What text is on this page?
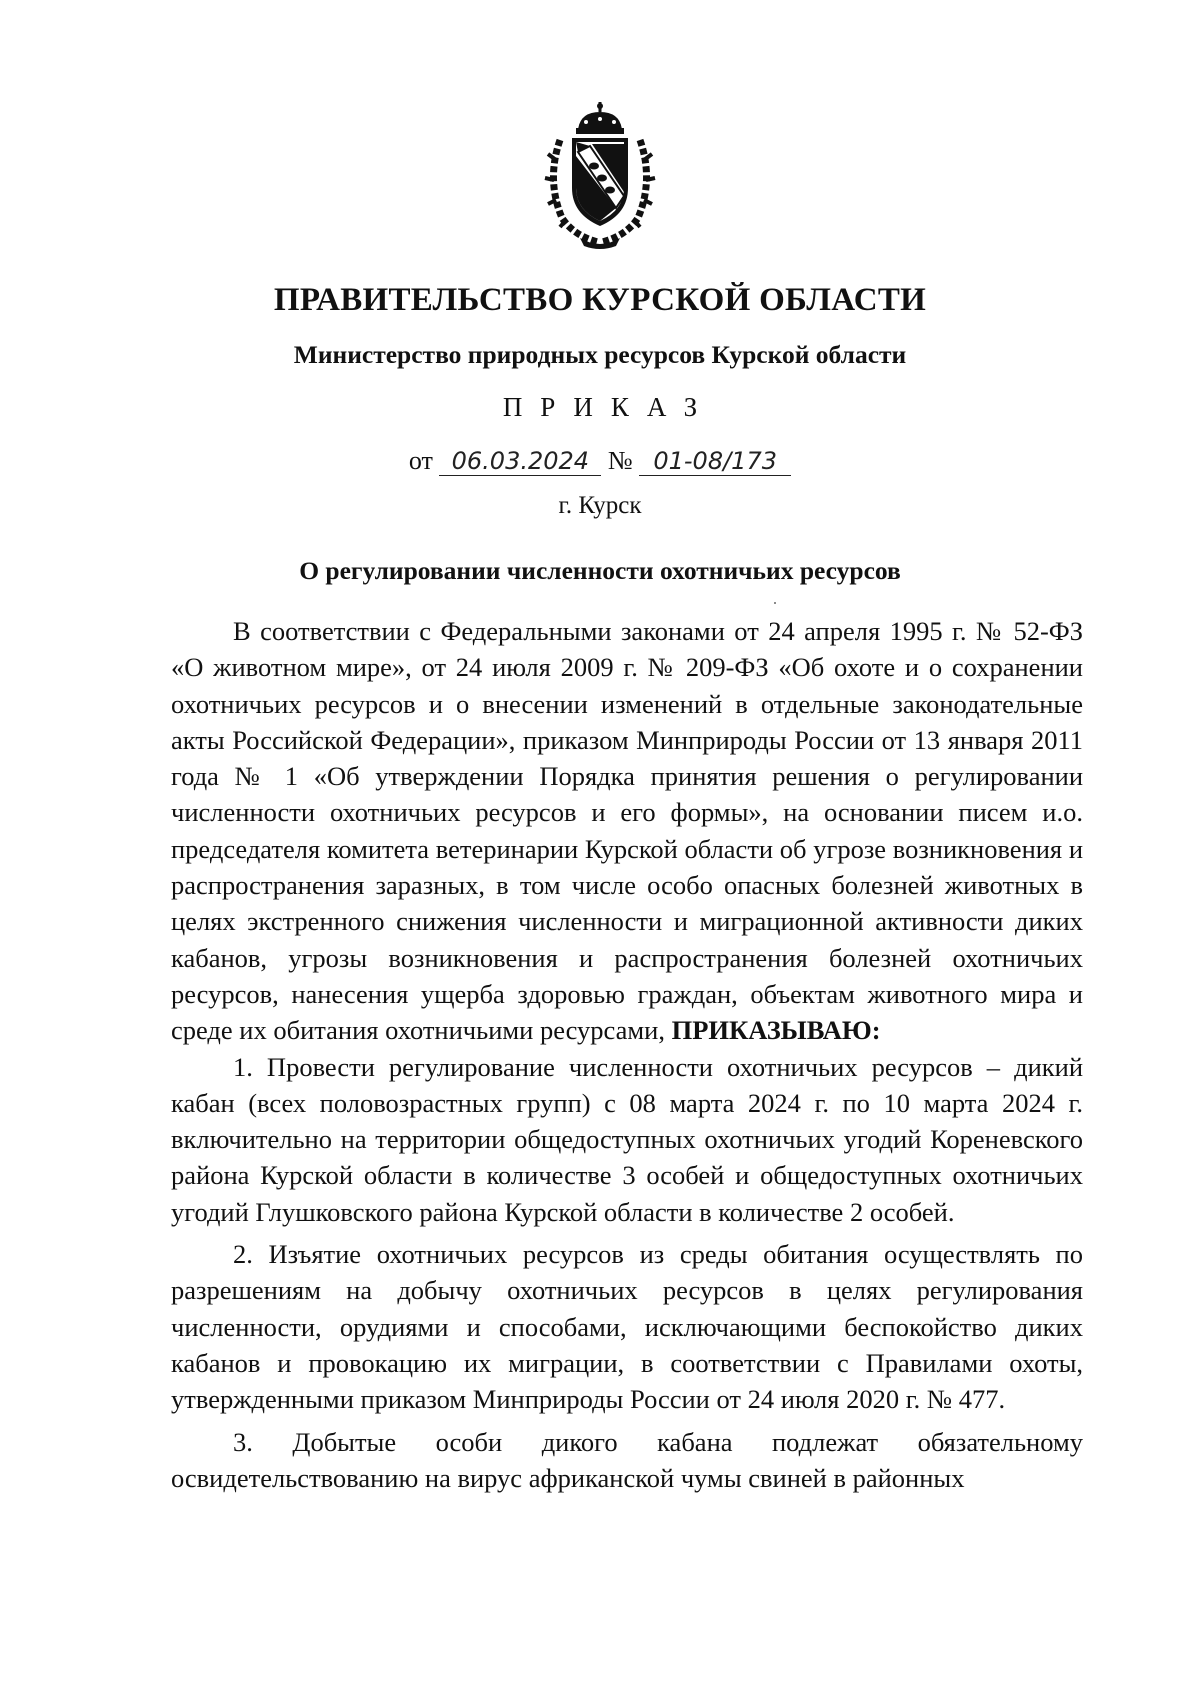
ПРАВИТЕЛЬСТВО КУРСКОЙ ОБЛАСТИ
Министерство природных ресурсов Курской области
ПРИКАЗ
от 06.03.2024 № 01-08/173
г. Курск
О регулировании численности охотничьих ресурсов

В соответствии с Федеральными законами от 24 апреля 1995 г. № 52-ФЗ «О животном мире», от 24 июля 2009 г. № 209-ФЗ «Об охоте и о сохранении охотничьих ресурсов и о внесении изменений в отдельные законодательные акты Российской Федерации», приказом Минприроды России от 13 января 2011 года № 1 «Об утверждении Порядка принятия решения о регулировании численности охотничьих ресурсов и его формы», на основании писем и.о. председателя комитета ветеринарии Курской области об угрозе возникновения и распространения заразных, в том числе особо опасных болезней животных в целях экстренного снижения численности и миграционной активности диких кабанов, угрозы возникновения и распространения болезней охотничьих ресурсов, нанесения ущерба здоровью граждан, объектам животного мира и среде их обитания охотничьими ресурсами, ПРИКАЗЫВАЮ:

1. Провести регулирование численности охотничьих ресурсов – дикий кабан (всех половозрастных групп) с 08 марта 2024 г. по 10 марта 2024 г. включительно на территории общедоступных охотничьих угодий Кореневского района Курской области в количестве 3 особей и общедоступных охотничьих угодий Глушковского района Курской области в количестве 2 особей.

2. Изъятие охотничьих ресурсов из среды обитания осуществлять по разрешениям на добычу охотничьих ресурсов в целях регулирования численности, орудиями и способами, исключающими беспокойство диких кабанов и провокацию их миграции, в соответствии с Правилами охоты, утвержденными приказом Минприроды России от 24 июля 2020 г. № 477.

3. Добытые особи дикого кабана подлежат обязательному освидетельствованию на вирус африканской чумы свиней в районных
